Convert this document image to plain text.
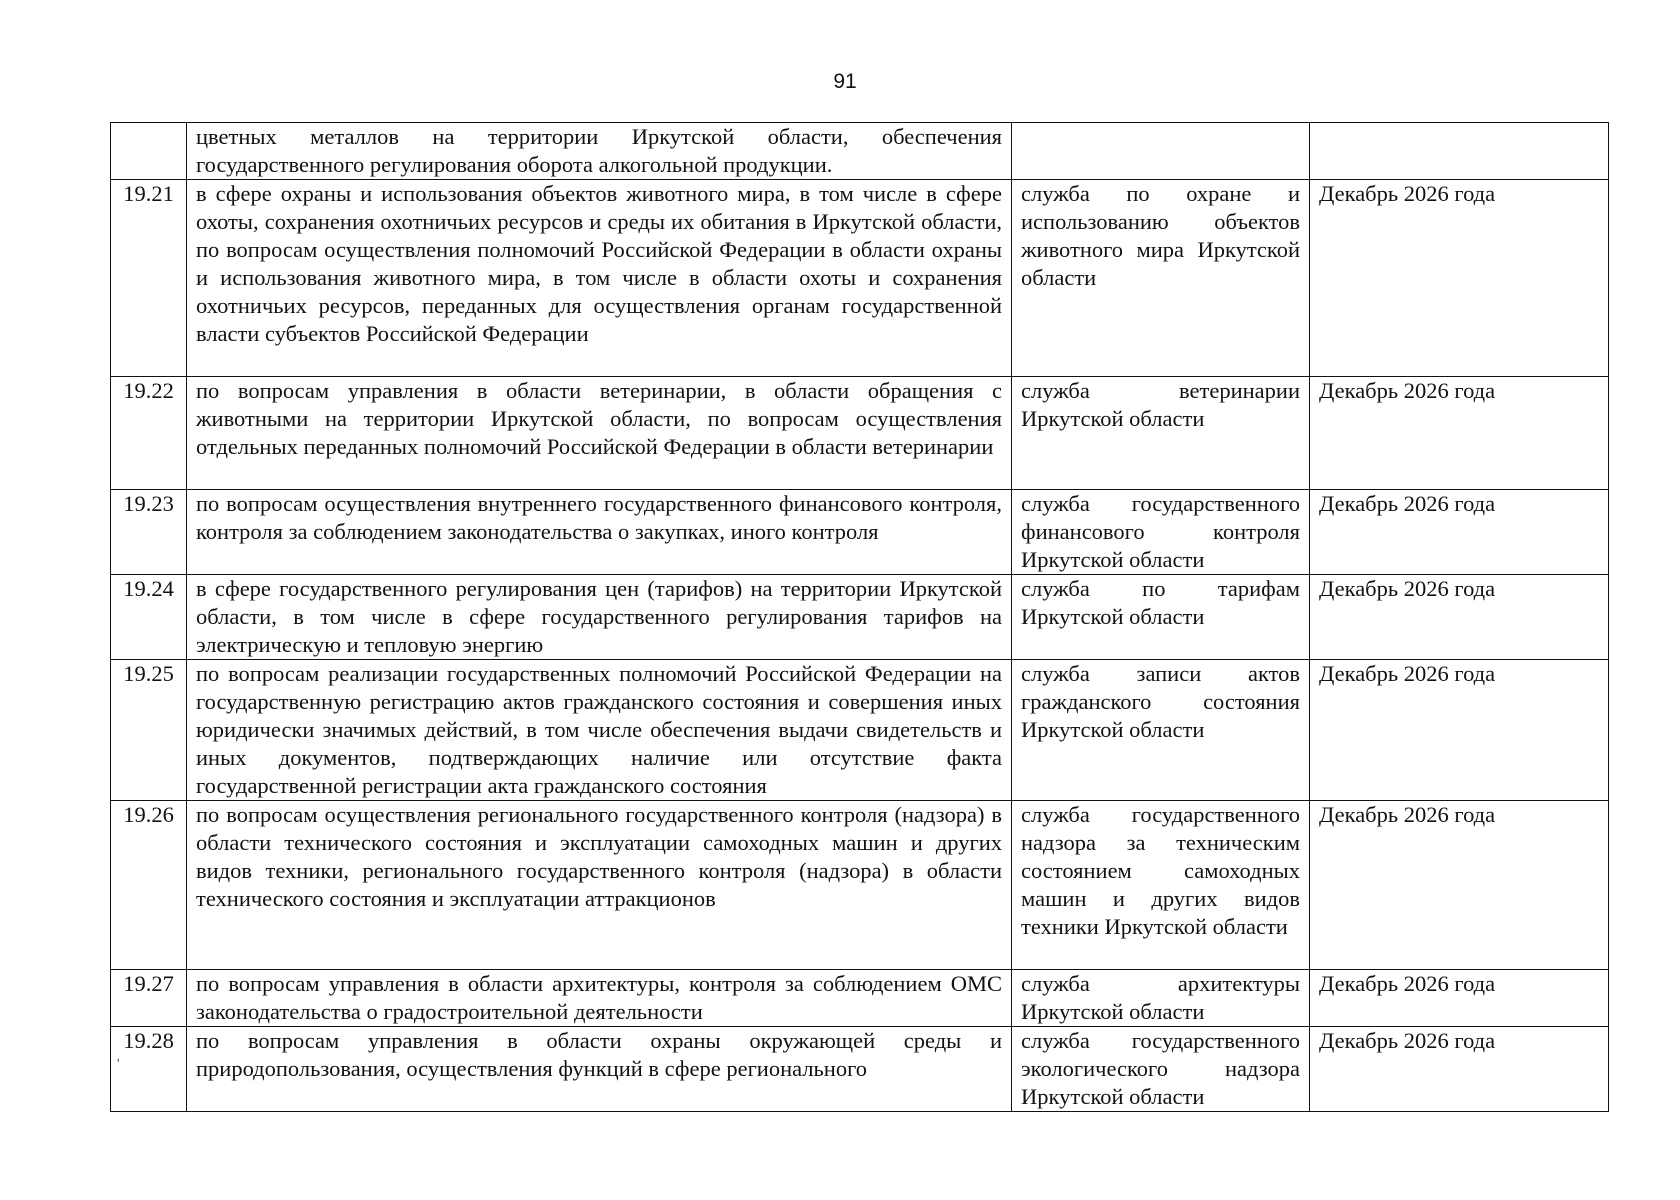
91
	цветных металлов на территории Иркутской области, обеспечения государственного регулирования оборота алкогольной продукции.		
19.21	в сфере охраны и использования объектов животного мира, в том числе в сфере охоты, сохранения охотничьих ресурсов и среды их обитания в Иркутской области, по вопросам осуществления полномочий Российской Федерации в области охраны и использования животного мира, в том числе в области охоты и сохранения охотничьих ресурсов, переданных для осуществления органам государственной власти субъектов Российской Федерации	служба по охране и использованию объектов животного мира Иркутской области	Декабрь 2026 года
19.22	по вопросам управления в области ветеринарии, в области обращения с животными на территории Иркутской области, по вопросам осуществления отдельных переданных полномочий Российской Федерации в области ветеринарии	служба ветеринарии Иркутской области	Декабрь 2026 года
19.23	по вопросам осуществления внутреннего государственного финансового контроля, контроля за соблюдением законодательства о закупках, иного контроля	служба государственного финансового контроля Иркутской области	Декабрь 2026 года
19.24	в сфере государственного регулирования цен (тарифов) на территории Иркутской области, в том числе в сфере государственного регулирования тарифов на электрическую и тепловую энергию	служба по тарифам Иркутской области	Декабрь 2026 года
19.25	по вопросам реализации государственных полномочий Российской Федерации на государственную регистрацию актов гражданского состояния и совершения иных юридически значимых действий, в том числе обеспечения выдачи свидетельств и иных документов, подтверждающих наличие или отсутствие факта государственной регистрации акта гражданского состояния	служба записи актов гражданского состояния Иркутской области	Декабрь 2026 года
19.26	по вопросам осуществления регионального государственного контроля (надзора) в области технического состояния и эксплуатации самоходных машин и других видов техники, регионального государственного контроля (надзора) в области технического состояния и эксплуатации аттракционов	служба государственного надзора за техническим состоянием самоходных машин и других видов техники Иркутской области	Декабрь 2026 года
19.27	по вопросам управления в области архитектуры, контроля за соблюдением ОМС законодательства о градостроительной деятельности	служба архитектуры Иркутской области	Декабрь 2026 года
19.28	по вопросам управления в области охраны окружающей среды и природопользования, осуществления функций в сфере регионального	служба государственного экологического надзора Иркутской области	Декабрь 2026 года
'
